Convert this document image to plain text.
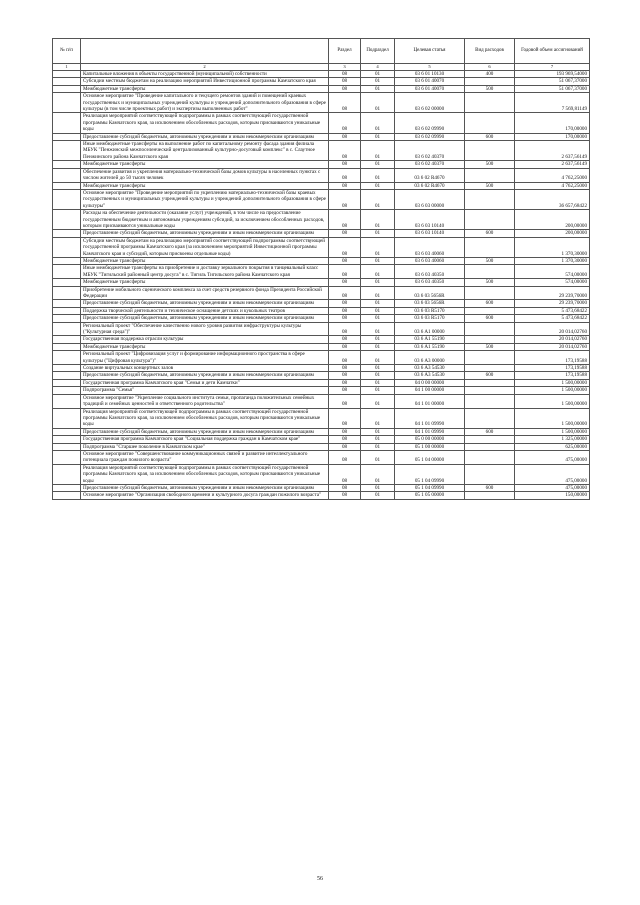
№ п/п		Раздел	Подраздел	Целевая статья	Вид расходов	Годовой объем ассигнований
1	2	3	4	5	6	7
	Капитальные вложения в объекты государственной (муниципальной) собственности	08	01	03 6 01 10130	400	193 969,54000
	Субсидии местным бюджетам на реализацию мероприятий Инвестиционной программы Камчатского края	08	01	03 6 01 40070		51 067,37000
	Межбюджетные трансферты	08	01	03 6 01 40070	500	51 067,37000
	Основное мероприятие "Проведение капитального и текущего ремонтов зданий и помещений краевых государственных и муниципальных учреждений культуры и учреждений дополнительного образования в сфере культуры (в том числе проектных работ) и экспертизы выполненных работ"	08	01	03 6 02 00000		7 569,81149
	Реализация мероприятий соответствующей подпрограммы в рамках соответствующей государственной программы Камчатского края, за исключением обособленных расходов, которым присваиваются уникальные коды	08	01	03 6 02 09990		170,00000
	Предоставление субсидий бюджетным, автономным учреждениям и иным некоммерческим организациям	08	01	03 6 02 09990	600	170,00000
	Иные межбюджетные трансферты на выполнение работ по капитальному ремонту фасада здания филиала МБУК "Пенжинский межпоселенческий централизованный культурно-досуговый комплекс" в с. Слаутное Пенжинского района Камчатского края	08	01	03 6 02 40370		2 637,56149
	Межбюджетные трансферты	08	01	03 6 02 40370	500	2 637,56149
	Обеспечение развития и укрепления материально-технической базы домов культуры в населенных пунктах с числом жителей до 50 тысяч человек	08	01	03 6 02 R4670		4 762,25000
	Межбюджетные трансферты	08	01	03 6 02 R4670	500	4 762,25000
	Основное мероприятие "Проведение мероприятий по укреплению материально-технической базы краевых государственных и муниципальных учреждений культуры и учреждений дополнительного образования в сфере культуры"	08	01	03 6 03 00000		36 657,68422
	Расходы на обеспечение деятельности (оказание услуг) учреждений, в том числе на предоставление государственным бюджетным и автономным учреждениям субсидий, за исключением обособленных расходов, которым присваиваются уникальные коды	08	01	03 6 03 10140		200,00000
	Предоставление субсидий бюджетным, автономным учреждениям и иным некоммерческим организациям	08	01	03 6 03 10140	600	200,00000
	Субсидии местным бюджетам на реализацию мероприятий соответствующей подпрограммы соответствующей государственной программы Камчатского края (за исключением мероприятий Инвестиционной программы Камчатского края и субсидий, которым присвоены отдельные коды)	08	01	03 6 03 40060		1 370,30000
	Межбюджетные трансферты	08	01	03 6 03 40060	500	1 370,30000
	Иные межбюджетные трансферты на приобретение и доставку зеркального покрытия в танцевальный класс МБУК "Тигильский районный центр досуга" в с. Тигиль Тигильского района Камчатского края	08	01	03 6 03 40350		574,00000
	Межбюджетные трансферты	08	01	03 6 03 40350	500	574,00000
	Приобретение мобильного сценического комплекса за счет средств резервного фонда Президента Российской Федерации	08	01	03 6 03 5656R		29 239,70000
	Предоставление субсидий бюджетным, автономным учреждениям и иным некоммерческим организациям	08	01	03 6 03 5656R	600	29 239,70000
	Поддержка творческой деятельности и техническое оснащение детских и кукольных театров	08	01	03 6 03 R5170		5 473,68422
	Предоставление субсидий бюджетным, автономным учреждениям и иным некоммерческим организациям	08	01	03 6 03 R5170	600	5 473,68422
	Региональный проект "Обеспечение качественно нового уровня развития инфраструктуры культуры ("Культурная среда")"	08	01	03 6 A1 00000		20 014,02760
	Государственная поддержка отрасли культуры	08	01	03 6 A1 55190		20 014,02760
	Межбюджетные трансферты	08	01	03 6 A1 55190	500	20 014,02760
	Региональный проект "Цифровизация услуг и формирование информационного пространства в сфере культуры ("Цифровая культура")"	08	01	03 6 A3 00000		173,19588
	Создание виртуальных концертных залов	08	01	03 6 A3 54530		173,19588
	Предоставление субсидий бюджетным, автономным учреждениям и иным некоммерческим организациям	08	01	03 6 A3 54530	600	173,19588
	Государственная программа Камчатского края "Семья и дети Камчатки"	08	01	04 0 00 00000		1 500,00000
	Подпрограмма "Семья"	08	01	04 1 00 00000		1 500,00000
	Основное мероприятие "Укрепление социального института семьи, пропаганда положительных семейных традиций и семейных ценностей и ответственного родительства"	08	01	04 1 01 00000		1 500,00000
	Реализация мероприятий соответствующей подпрограммы в рамках соответствующей государственной программы Камчатского края, за исключением обособленных расходов, которым присваиваются уникальные коды	08	01	04 1 01 09990		1 500,00000
	Предоставление субсидий бюджетным, автономным учреждениям и иным некоммерческим организациям	08	01	04 1 01 09990	600	1 500,00000
	Государственная программа Камчатского края "Социальная поддержка граждан в Камчатском крае"	08	01	05 0 00 00000		1 325,00000
	Подпрограмма "Старшее поколение в Камчатском крае"	08	01	05 1 00 00000		625,00000
	Основное мероприятие "Совершенствование коммуникационных связей и развитие интеллектуального потенциала граждан пожилого возраста"	08	01	05 1 04 00000		475,00000
	Реализация мероприятий соответствующей подпрограммы в рамках соответствующей государственной программы Камчатского края, за исключением обособленных расходов, которым присваиваются уникальные коды	08	01	05 1 04 09990		475,00000
	Предоставление субсидий бюджетным, автономным учреждениям и иным некоммерческим организациям	08	01	05 1 04 09990	600	475,00000
	Основное мероприятие "Организация свободного времени и культурного досуга граждан пожилого возраста"	08	01	05 1 05 00000		150,00000
56
